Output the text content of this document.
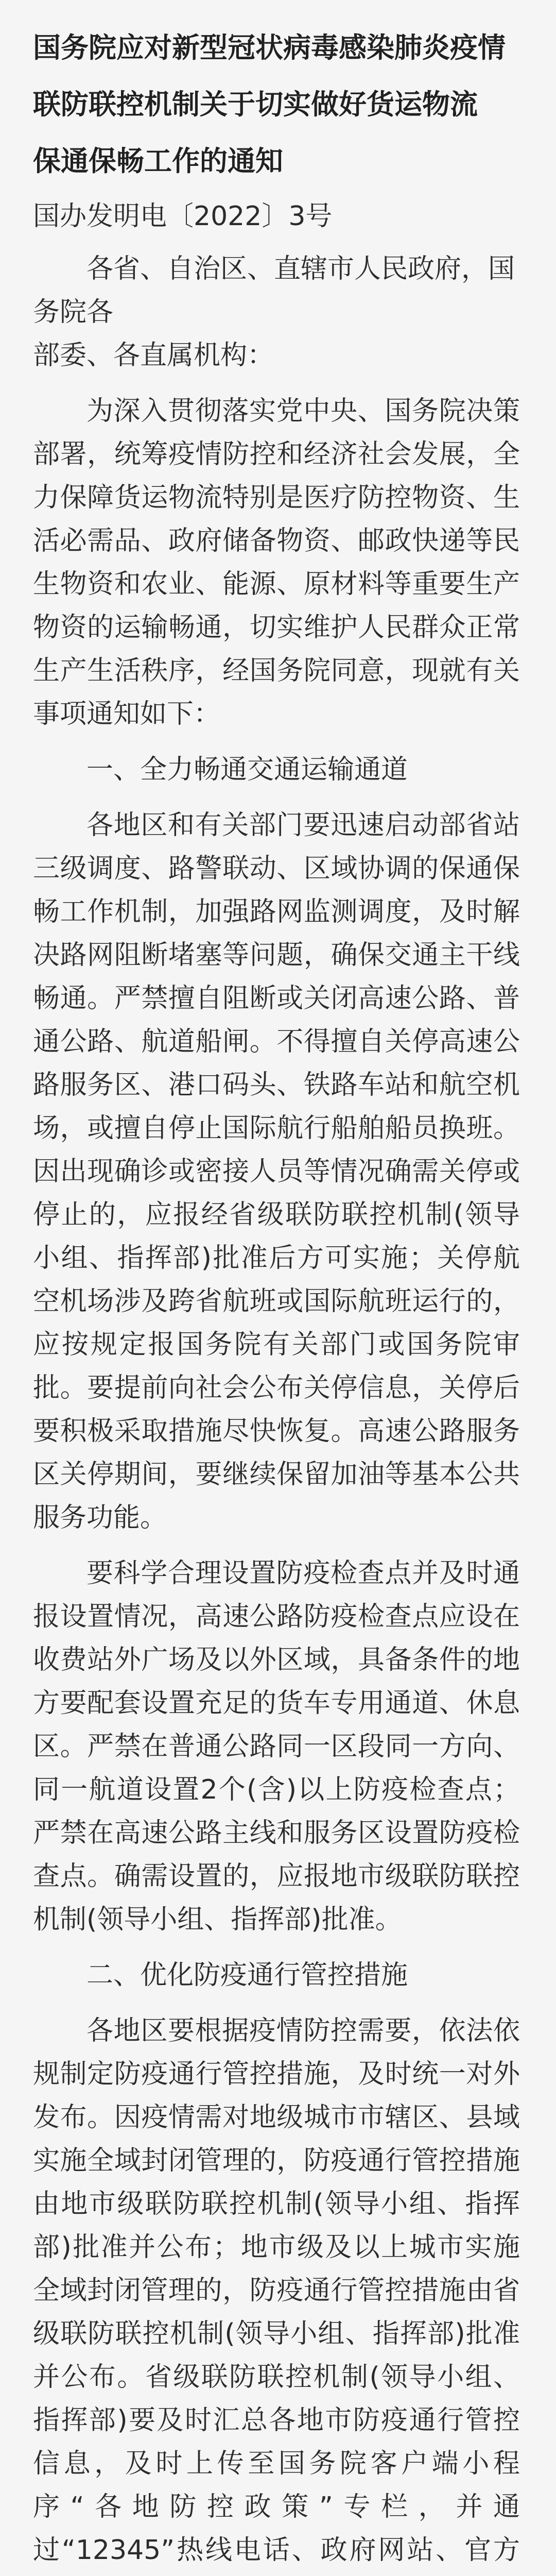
国务院应对新型冠状病毒感染肺炎疫情
联防联控机制关于切实做好货运物流
保通保畅工作的通知
国办发明电〔2022〕3号
各省、自治区、直辖市人民政府，国务院各
部委、各直属机构：

为深入贯彻落实党中央、国务院决策部署，统筹疫情防控和经济社会发展，全力保障货运物流特别是医疗防控物资、生活必需品、政府储备物资、邮政快递等民生物资和农业、能源、原材料等重要生产物资的运输畅通，切实维护人民群众正常生产生活秩序，经国务院同意，现就有关事项通知如下：

一、全力畅通交通运输通道

各地区和有关部门要迅速启动部省站三级调度、路警联动、区域协调的保通保畅工作机制，加强路网监测调度，及时解决路网阻断堵塞等问题，确保交通主干线畅通。严禁擅自阻断或关闭高速公路、普通公路、航道船闸。不得擅自关停高速公路服务区、港口码头、铁路车站和航空机场，或擅自停止国际航行船舶船员换班。因出现确诊或密接人员等情况确需关停或停止的，应报经省级联防联控机制(领导小组、指挥部)批准后方可实施；关停航空机场涉及跨省航班或国际航班运行的，应按规定报国务院有关部门或国务院审批。要提前向社会公布关停信息，关停后要积极采取措施尽快恢复。高速公路服务区关停期间，要继续保留加油等基本公共服务功能。

要科学合理设置防疫检查点并及时通报设置情况，高速公路防疫检查点应设在收费站外广场及以外区域，具备条件的地方要配套设置充足的货车专用通道、休息区。严禁在普通公路同一区段同一方向、同一航道设置2个(含)以上防疫检查点；严禁在高速公路主线和服务区设置防疫检查点。确需设置的，应报地市级联防联控机制(领导小组、指挥部)批准。

二、优化防疫通行管控措施

各地区要根据疫情防控需要，依法依规制定防疫通行管控措施，及时统一对外发布。因疫情需对地级城市市辖区、县域实施全域封闭管理的，防疫通行管控措施由地市级联防联控机制(领导小组、指挥部)批准并公布；地市级及以上城市实施全域封闭管理的，防疫通行管控措施由省级联防联控机制(领导小组、指挥部)批准并公布。省级联防联控机制(领导小组、指挥部)要及时汇总各地市防疫通行管控信息，及时上传至国务院客户端小程序“各地防控政策”专栏，并通过“12345”热线电话、政府网站、官方
